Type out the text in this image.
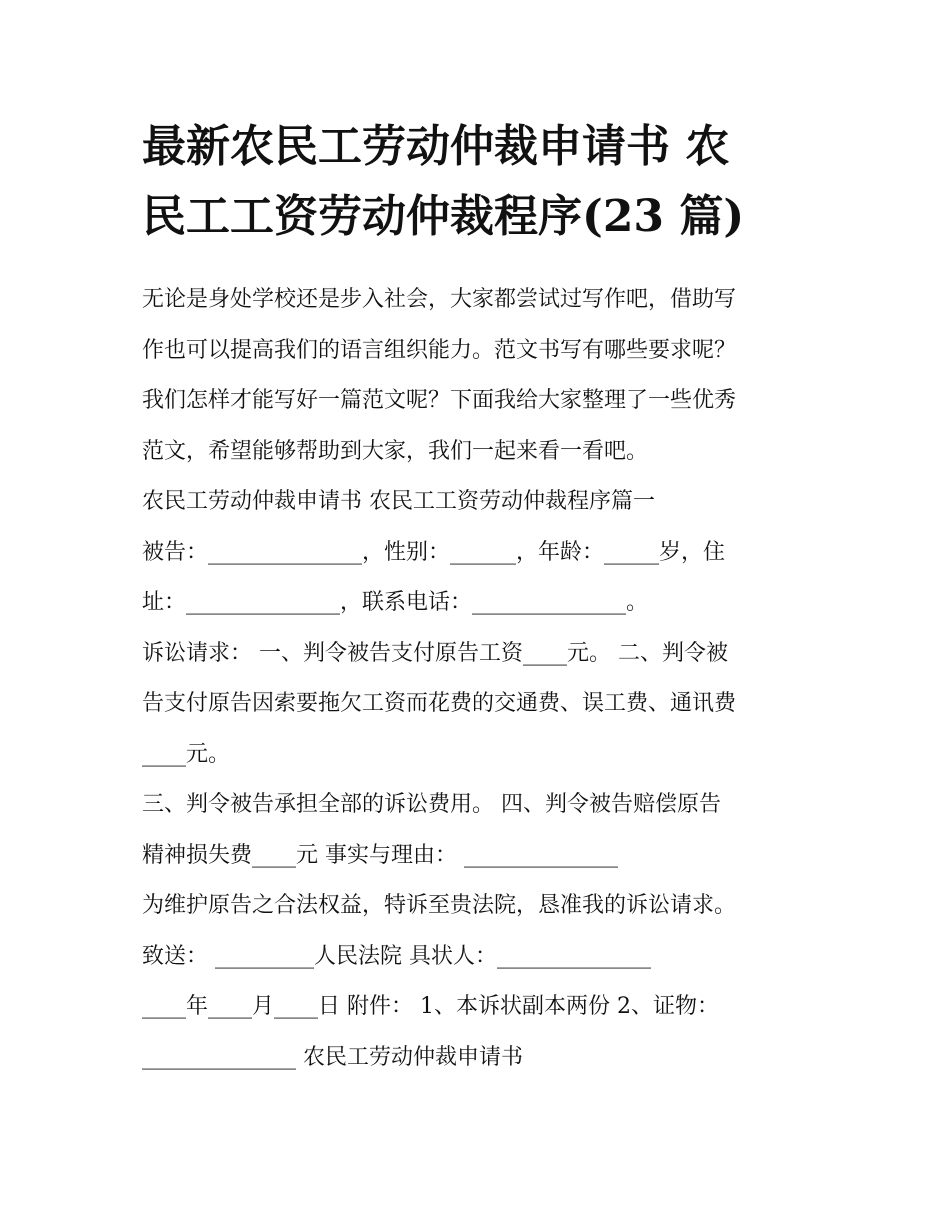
最新农民工劳动仲裁申请书 农
民工工资劳动仲裁程序(23 篇)
无论是身处学校还是步入社会，大家都尝试过写作吧，借助写
作也可以提高我们的语言组织能力。范文书写有哪些要求呢？
我们怎样才能写好一篇范文呢？下面我给大家整理了一些优秀
范文，希望能够帮助到大家，我们一起来看一看吧。
农民工劳动仲裁申请书 农民工工资劳动仲裁程序篇一
被告：______________，性别：______，年龄：_____岁，住
址：______________，联系电话：______________。
诉讼请求： 一、判令被告支付原告工资____元。 二、判令被
告支付原告因索要拖欠工资而花费的交通费、误工费、通讯费
____元。
三、判令被告承担全部的诉讼费用。 四、判令被告赔偿原告
精神损失费____元 事实与理由： ______________
为维护原告之合法权益，特诉至贵法院，恳准我的诉讼请求。
致送： _________人民法院 具状人：______________
____年____月____日 附件： 1、本诉状副本两份 2、证物：
______________ 农民工劳动仲裁申请书
